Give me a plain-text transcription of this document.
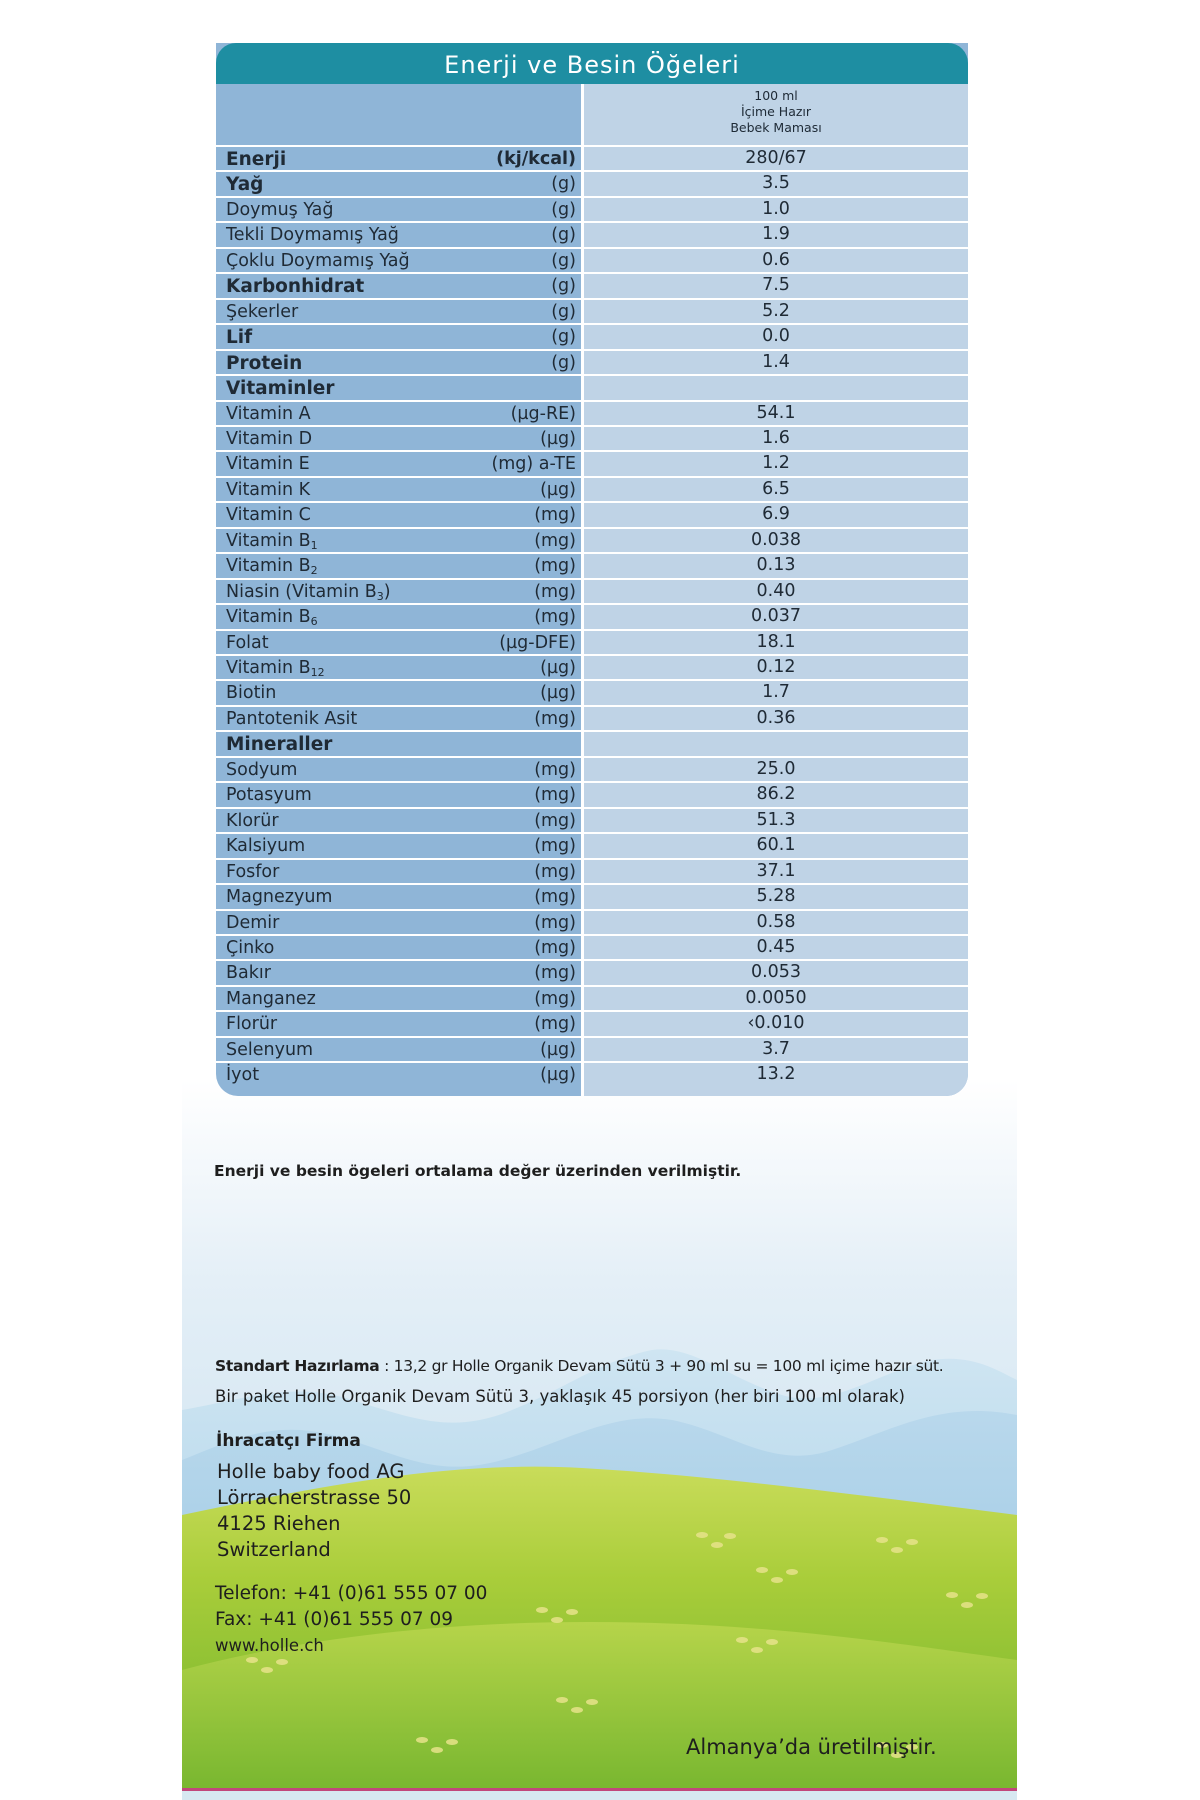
100 ml
İçime Hazır
Bebek Maması
Enerji	(kj/kcal)	280/67
Yağ	(g)	3.5
Doymuş Yağ	(g)	1.0
Tekli Doymamış Yağ	(g)	1.9
Çoklu Doymamış Yağ	(g)	0.6
Karbonhidrat	(g)	7.5
Şekerler	(g)	5.2
Lif	(g)	0.0
Protein	(g)	1.4
Vitaminler
Vitamin A	(µg-RE)	54.1
Vitamin D	(µg)	1.6
Vitamin E	(mg) a-TE	1.2
Vitamin K	(µg)	6.5
Vitamin C	(mg)	6.9
Vitamin $B_1$	(mg)	0.038
Vitamin $B_2$	(mg)	0.13
Niasin (Vitamin $B_3$)	(mg)	0.40
Vitamin $B_6$	(mg)	0.037
Folat	(µg-DFE)	18.1
Vitamin $B_{12}$	(µg)	0.12
Biotin	(µg)	1.7
Pantotenik Asit	(mg)	0.36
Mineraller
Sodyum	(mg)	25.0
Potasyum	(mg)	86.2
Klorür	(mg)	51.3
Kalsiyum	(mg)	60.1
Fosfor	(mg)	37.1
Magnezyum	(mg)	5.28
Demir	(mg)	0.58
Çinko	(mg)	0.45
Bakır	(mg)	0.053
Manganez	(mg)	0.0050
Florür	(mg)	‹0.010
Selenyum	(µg)	3.7
İyot	(µg)	13.2
Enerji ve Besin Öğeleri
Enerji ve besin ögeleri ortalama değer üzerinden verilmiştir.
Standart Hazırlama : 13,2 gr Holle Organik Devam Sütü 3 + 90 ml su = 100 ml içime hazır süt.
Bir paket Holle Organik Devam Sütü 3, yaklaşık 45 porsiyon (her biri 100 ml olarak)
İhracatçı Firma
Holle baby food AG
Lörracherstrasse 50
4125 Riehen
Switzerland
Telefon: +41 (0)61 555 07 00
Fax: +41 (0)61 555 07 09
www.holle.ch
Almanya’da üretilmiştir.
